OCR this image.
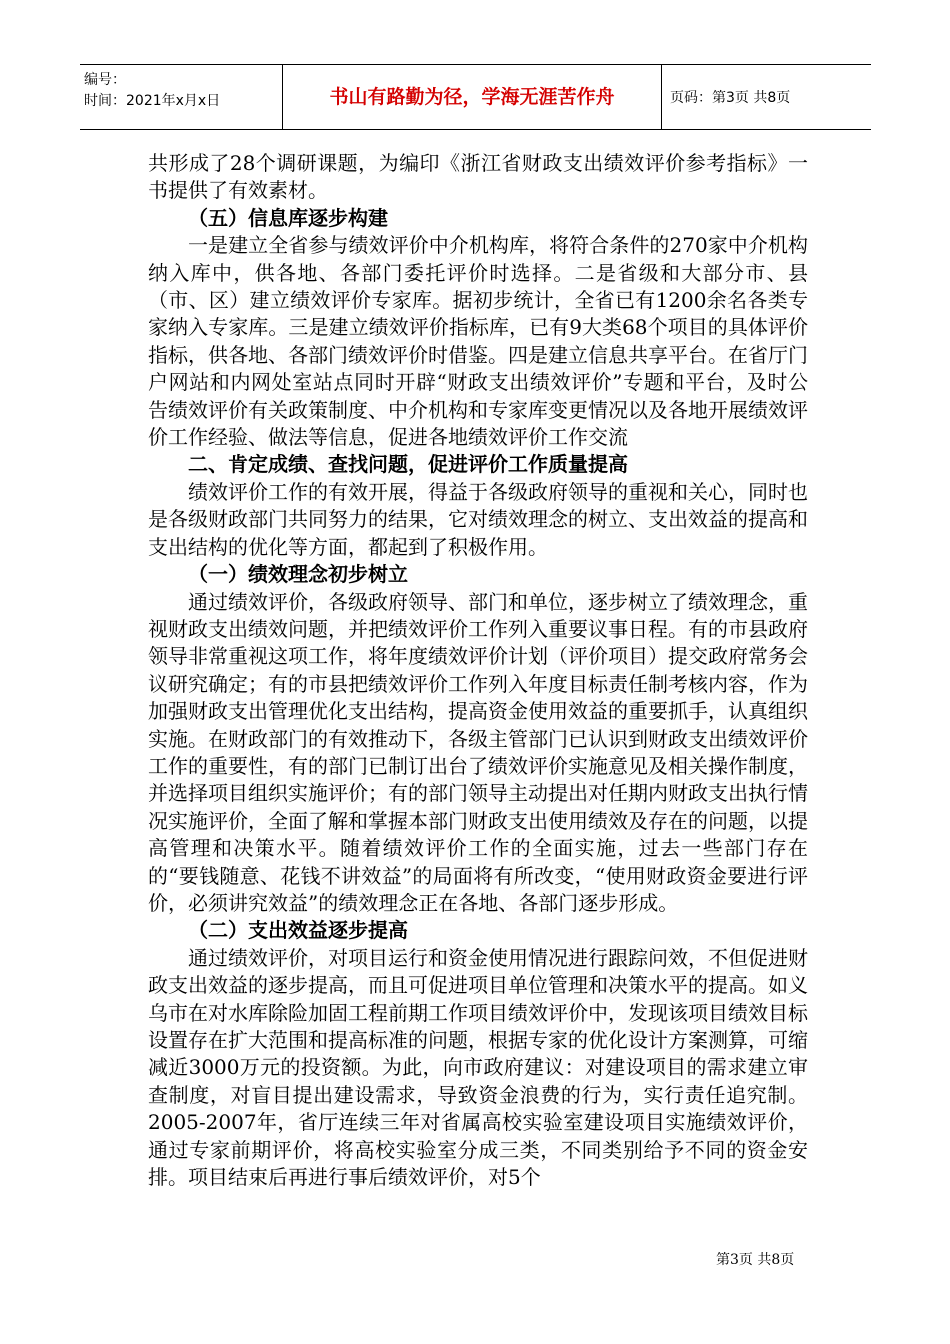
编号：
时间：2021年x月x日	书山有路勤为径，学海无涯苦作舟	页码：第3页 共8页

共形成了28个调研课题，为编印《浙江省财政支出绩效评价参考指标》一书提供了有效素材。

（五）信息库逐步构建

一是建立全省参与绩效评价中介机构库，将符合条件的270家中介机构纳入库中，供各地、各部门委托评价时选择。二是省级和大部分市、县（市、区）建立绩效评价专家库。据初步统计，全省已有1200余名各类专家纳入专家库。三是建立绩效评价指标库，已有9大类68个项目的具体评价指标，供各地、各部门绩效评价时借鉴。四是建立信息共享平台。在省厅门户网站和内网处室站点同时开辟“财政支出绩效评价”专题和平台，及时公告绩效评价有关政策制度、中介机构和专家库变更情况以及各地开展绩效评价工作经验、做法等信息，促进各地绩效评价工作交流

二、肯定成绩、查找问题，促进评价工作质量提高

绩效评价工作的有效开展，得益于各级政府领导的重视和关心，同时也是各级财政部门共同努力的结果，它对绩效理念的树立、支出效益的提高和支出结构的优化等方面，都起到了积极作用。

（一）绩效理念初步树立

通过绩效评价，各级政府领导、部门和单位，逐步树立了绩效理念，重视财政支出绩效问题，并把绩效评价工作列入重要议事日程。有的市县政府领导非常重视这项工作，将年度绩效评价计划（评价项目）提交政府常务会议研究确定；有的市县把绩效评价工作列入年度目标责任制考核内容，作为加强财政支出管理优化支出结构，提高资金使用效益的重要抓手，认真组织实施。在财政部门的有效推动下，各级主管部门已认识到财政支出绩效评价工作的重要性，有的部门已制订出台了绩效评价实施意见及相关操作制度，并选择项目组织实施评价；有的部门领导主动提出对任期内财政支出执行情况实施评价，全面了解和掌握本部门财政支出使用绩效及存在的问题，以提高管理和决策水平。随着绩效评价工作的全面实施，过去一些部门存在的“要钱随意、花钱不讲效益”的局面将有所改变，“使用财政资金要进行评价，必须讲究效益”的绩效理念正在各地、各部门逐步形成。

（二）支出效益逐步提高

通过绩效评价，对项目运行和资金使用情况进行跟踪问效，不但促进财政支出效益的逐步提高，而且可促进项目单位管理和决策水平的提高。如义乌市在对水库除险加固工程前期工作项目绩效评价中，发现该项目绩效目标设置存在扩大范围和提高标准的问题，根据专家的优化设计方案测算，可缩减近3000万元的投资额。为此，向市政府建议：对建设项目的需求建立审查制度，对盲目提出建设需求，导致资金浪费的行为，实行责任追究制。2005-2007年，省厅连续三年对省属高校实验室建设项目实施绩效评价，通过专家前期评价，将高校实验室分成三类，不同类别给予不同的资金安排。项目结束后再进行事后绩效评价，对5个

第3页 共8页
